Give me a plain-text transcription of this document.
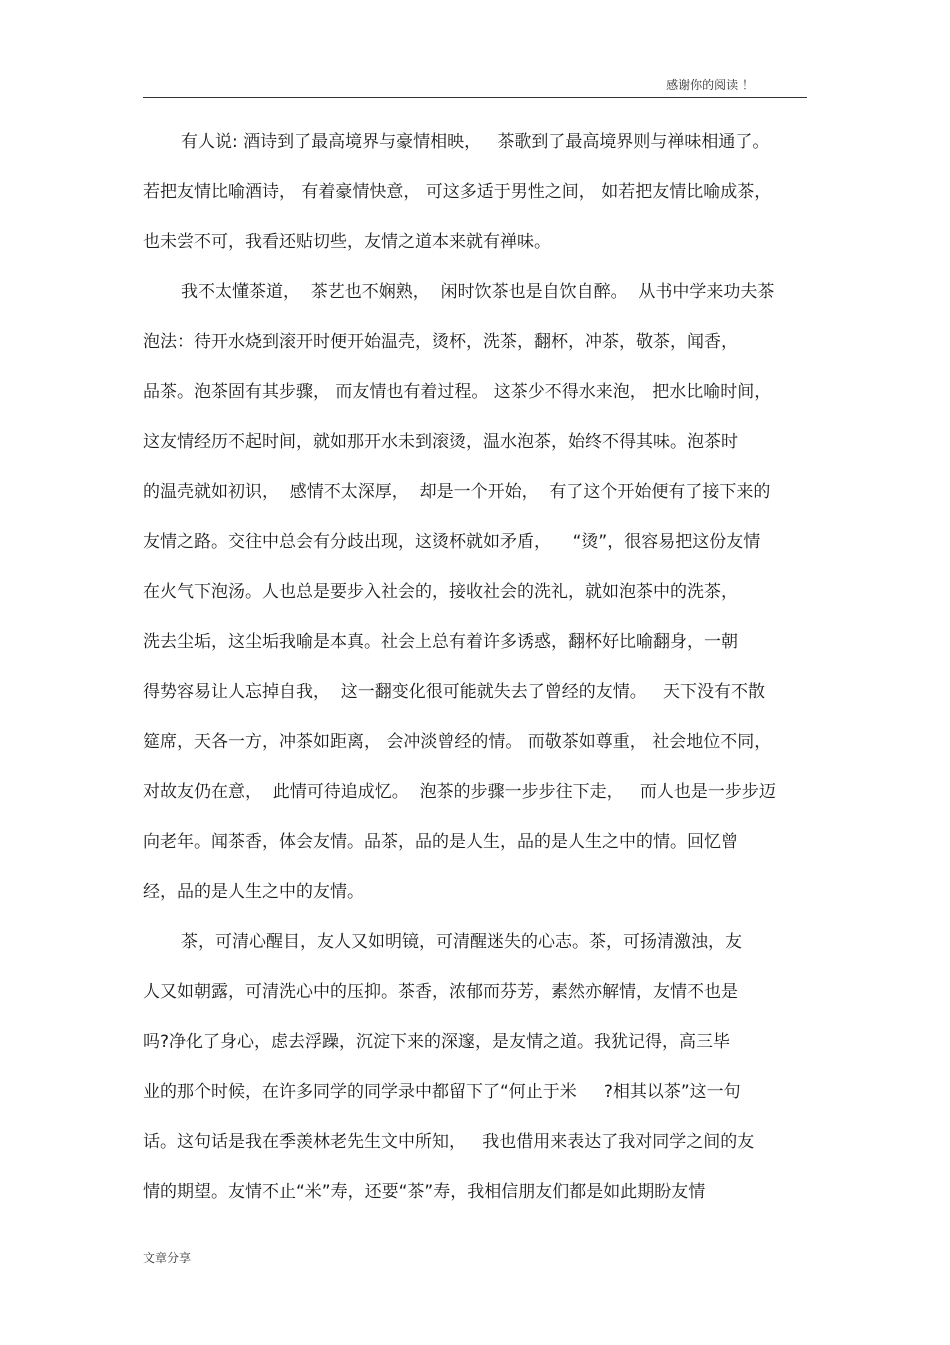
感谢你的阅读 ！
有人说: 酒诗到了最高境界与豪情相映，   茶歌到了最高境界则与禅味相通了。
若把友情比喻酒诗， 有着豪情快意， 可这多适于男性之间， 如若把友情比喻成茶，
也未尝不可，我看还贴切些，友情之道本来就有禅味。
我不太懂茶道，  茶艺也不娴熟，  闲时饮茶也是自饮自醉。  从书中学来功夫茶
泡法：待开水烧到滚开时便开始温壳，烫杯，洗茶，翻杯，冲茶，敬茶，闻香，
品茶。泡茶固有其步骤， 而友情也有着过程。 这茶少不得水来泡， 把水比喻时间，
这友情经历不起时间，就如那开水未到滚烫，温水泡茶，始终不得其味。泡茶时
的温壳就如初识，  感情不太深厚，  却是一个开始，  有了这个开始便有了接下来的
友情之路。交往中总会有分歧出现，这烫杯就如矛盾，    “烫”，很容易把这份友情
在火气下泡汤。人也总是要步入社会的，接收社会的洗礼，就如泡茶中的洗茶，
洗去尘垢，这尘垢我喻是本真。社会上总有着许多诱惑，翻杯好比喻翻身，一朝
得势容易让人忘掉自我，  这一翻变化很可能就失去了曾经的友情。   天下没有不散
筵席，天各一方，冲茶如距离， 会冲淡曾经的情。 而敬茶如尊重， 社会地位不同，
对故友仍在意，  此情可待追成忆。  泡茶的步骤一步步往下走，   而人也是一步步迈
向老年。闻茶香，体会友情。品茶，品的是人生，品的是人生之中的情。回忆曾
经，品的是人生之中的友情。
茶，可清心醒目，友人又如明镜，可清醒迷失的心志。茶，可扬清激浊，友
人又如朝露，可清洗心中的压抑。茶香，浓郁而芬芳，素然亦解情，友情不也是
吗?净化了身心，虑去浮躁，沉淀下来的深邃，是友情之道。我犹记得，高三毕
业的那个时候，在许多同学的同学录中都留下了“何止于米     ?相其以茶”这一句
话。这句话是我在季羡林老先生文中所知，   我也借用来表达了我对同学之间的友
情的期望。友情不止“米”寿，还要“茶”寿，我相信朋友们都是如此期盼友情
文章分享
